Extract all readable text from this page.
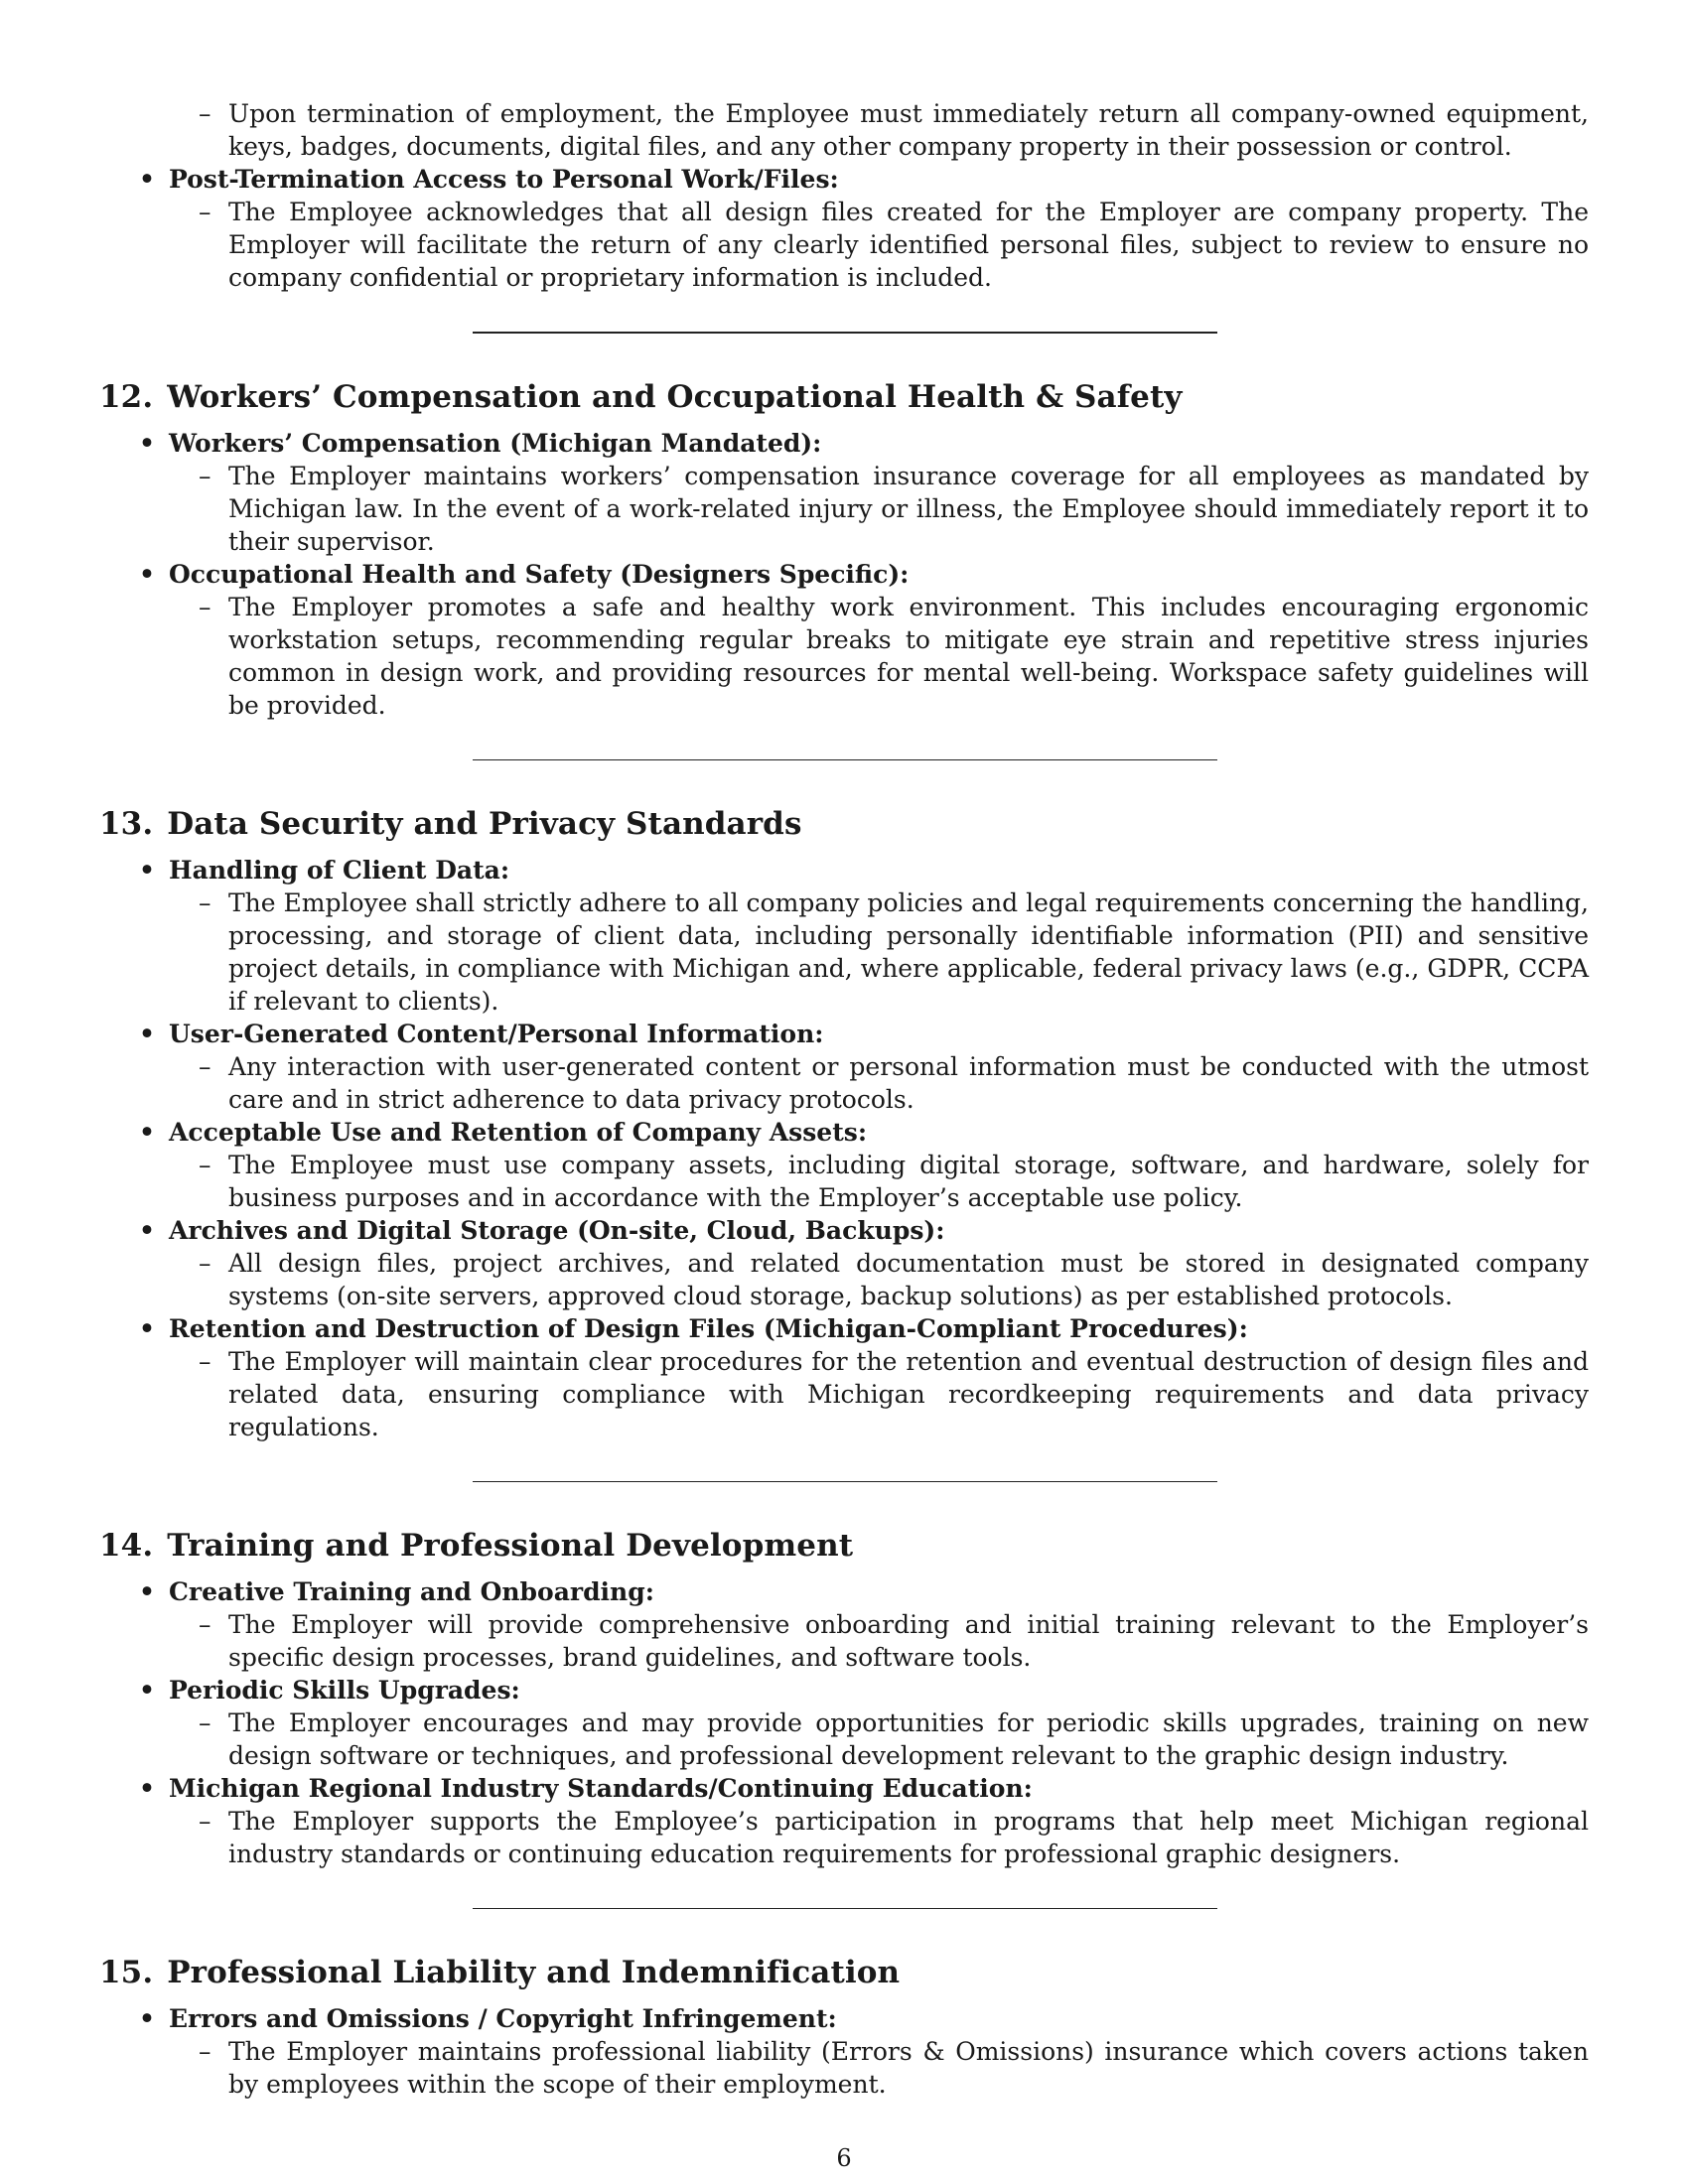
– Upon termination of employment, the Employee must immediately return all company-owned equipment, keys, badges, documents, digital files, and any other company property in their possession or control.

• Post-Termination Access to Personal Work/Files:

– The Employee acknowledges that all design files created for the Employer are company property. The Employer will facilitate the return of any clearly identified personal files, subject to review to ensure no company confidential or proprietary information is included.

12. Workers’ Compensation and Occupational Health & Safety

• Workers’ Compensation (Michigan Mandated):

– The Employer maintains workers’ compensation insurance coverage for all employees as mandated by Michigan law. In the event of a work-related injury or illness, the Employee should immediately report it to their supervisor.

• Occupational Health and Safety (Designers Specific):

– The Employer promotes a safe and healthy work environment. This includes encouraging ergonomic workstation setups, recommending regular breaks to mitigate eye strain and repetitive stress injuries common in design work, and providing resources for mental well-being. Workspace safety guidelines will be provided.

13. Data Security and Privacy Standards

• Handling of Client Data:

– The Employee shall strictly adhere to all company policies and legal requirements concerning the handling, processing, and storage of client data, including personally identifiable information (PII) and sensitive project details, in compliance with Michigan and, where applicable, federal privacy laws (e.g., GDPR, CCPA if relevant to clients).

• User-Generated Content/Personal Information:

– Any interaction with user-generated content or personal information must be conducted with the utmost care and in strict adherence to data privacy protocols.

• Acceptable Use and Retention of Company Assets:

– The Employee must use company assets, including digital storage, software, and hardware, solely for business purposes and in accordance with the Employer’s acceptable use policy.

• Archives and Digital Storage (On-site, Cloud, Backups):

– All design files, project archives, and related documentation must be stored in designated company systems (on-site servers, approved cloud storage, backup solutions) as per established protocols.

• Retention and Destruction of Design Files (Michigan-Compliant Procedures):

– The Employer will maintain clear procedures for the retention and eventual destruction of design files and related data, ensuring compliance with Michigan recordkeeping requirements and data privacy regulations.

14. Training and Professional Development

• Creative Training and Onboarding:

– The Employer will provide comprehensive onboarding and initial training relevant to the Employer’s specific design processes, brand guidelines, and software tools.

• Periodic Skills Upgrades:

– The Employer encourages and may provide opportunities for periodic skills upgrades, training on new design software or techniques, and professional development relevant to the graphic design industry.

• Michigan Regional Industry Standards/Continuing Education:

– The Employer supports the Employee’s participation in programs that help meet Michigan regional industry standards or continuing education requirements for professional graphic designers.

15. Professional Liability and Indemnification

• Errors and Omissions / Copyright Infringement:

– The Employer maintains professional liability (Errors & Omissions) insurance which covers actions taken by employees within the scope of their employment.

6
